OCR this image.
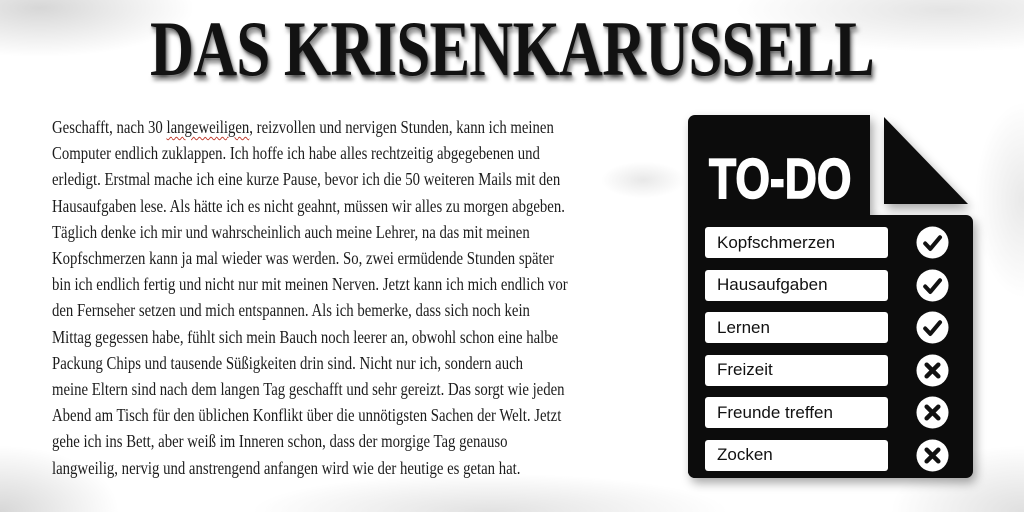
DAS KRISENKARUSSELL
Geschafft, nach 30 langeweiligen, reizvollen und nervigen Stunden, kann ich meinen
Computer endlich zuklappen. Ich hoffe ich habe alles rechtzeitig abgegebenen und
erledigt. Erstmal mache ich eine kurze Pause, bevor ich die 50 weiteren Mails mit den
Hausaufgaben lese. Als hätte ich es nicht geahnt, müssen wir alles zu morgen abgeben.
Täglich denke ich mir und wahrscheinlich auch meine Lehrer, na das mit meinen
Kopfschmerzen kann ja mal wieder was werden. So, zwei ermüdende Stunden später
bin ich endlich fertig und nicht nur mit meinen Nerven. Jetzt kann ich mich endlich vor
den Fernseher setzen und mich entspannen. Als ich bemerke, dass sich noch kein
Mittag gegessen habe, fühlt sich mein Bauch noch leerer an, obwohl schon eine halbe
Packung Chips und tausende Süßigkeiten drin sind. Nicht nur ich, sondern auch
meine Eltern sind nach dem langen Tag geschafft und sehr gereizt. Das sorgt wie jeden
Abend am Tisch für den üblichen Konflikt über die unnötigsten Sachen der Welt. Jetzt
gehe ich ins Bett, aber weiß im Inneren schon, dass der morgige Tag genauso
langweilig, nervig und anstrengend anfangen wird wie der heutige es getan hat.
TO-DO
Kopfschmerzen
Hausaufgaben
Lernen
Freizeit
Freunde treffen
Zocken
